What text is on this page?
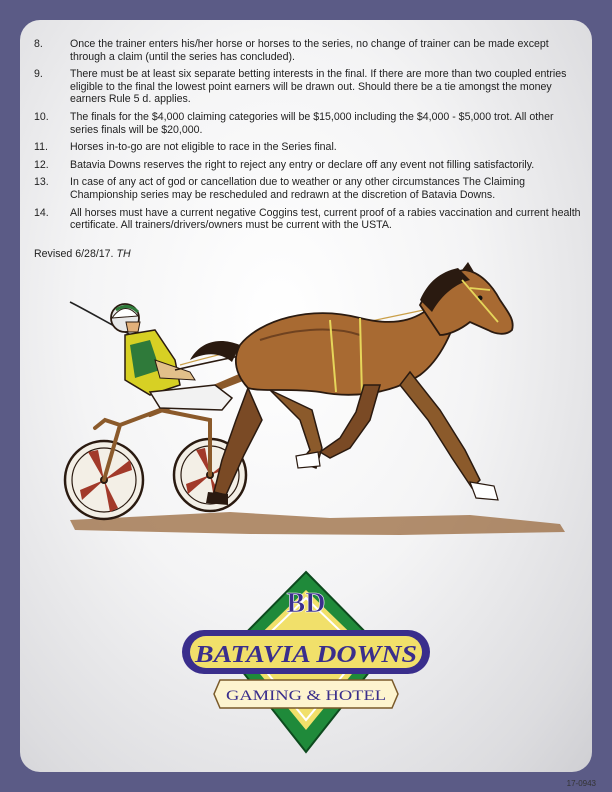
8.	Once the trainer enters his/her horse or horses to the series, no change of trainer can be made except through a claim (until the series has concluded).
9.	There must be at least six separate betting interests in the final. If there are more than two coupled entries eligible to the final the lowest point earners will be drawn out. Should there be a tie amongst the money earners Rule 5 d. applies.
10.	The finals for the $4,000 claiming categories will be $15,000 including the $4,000 - $5,000 trot. All other series finals will be $20,000.
11.	Horses in-to-go are not eligible to race in the Series final.
12.	Batavia Downs reserves the right to reject any entry or declare off any event not filling satisfactorily.
13.	In case of any act of god or cancellation due to weather or any other circumstances The Claiming Championship series may be rescheduled and redrawn at the discretion of Batavia Downs.
14.	All horses must have a current negative Coggins test, current proof of a rabies vaccination and current health certificate. All trainers/drivers/owners must be current with the USTA.
Revised 6/28/17. TH
BD
BATAVIA DOWNS
GAMING & HOTEL
17-0943
